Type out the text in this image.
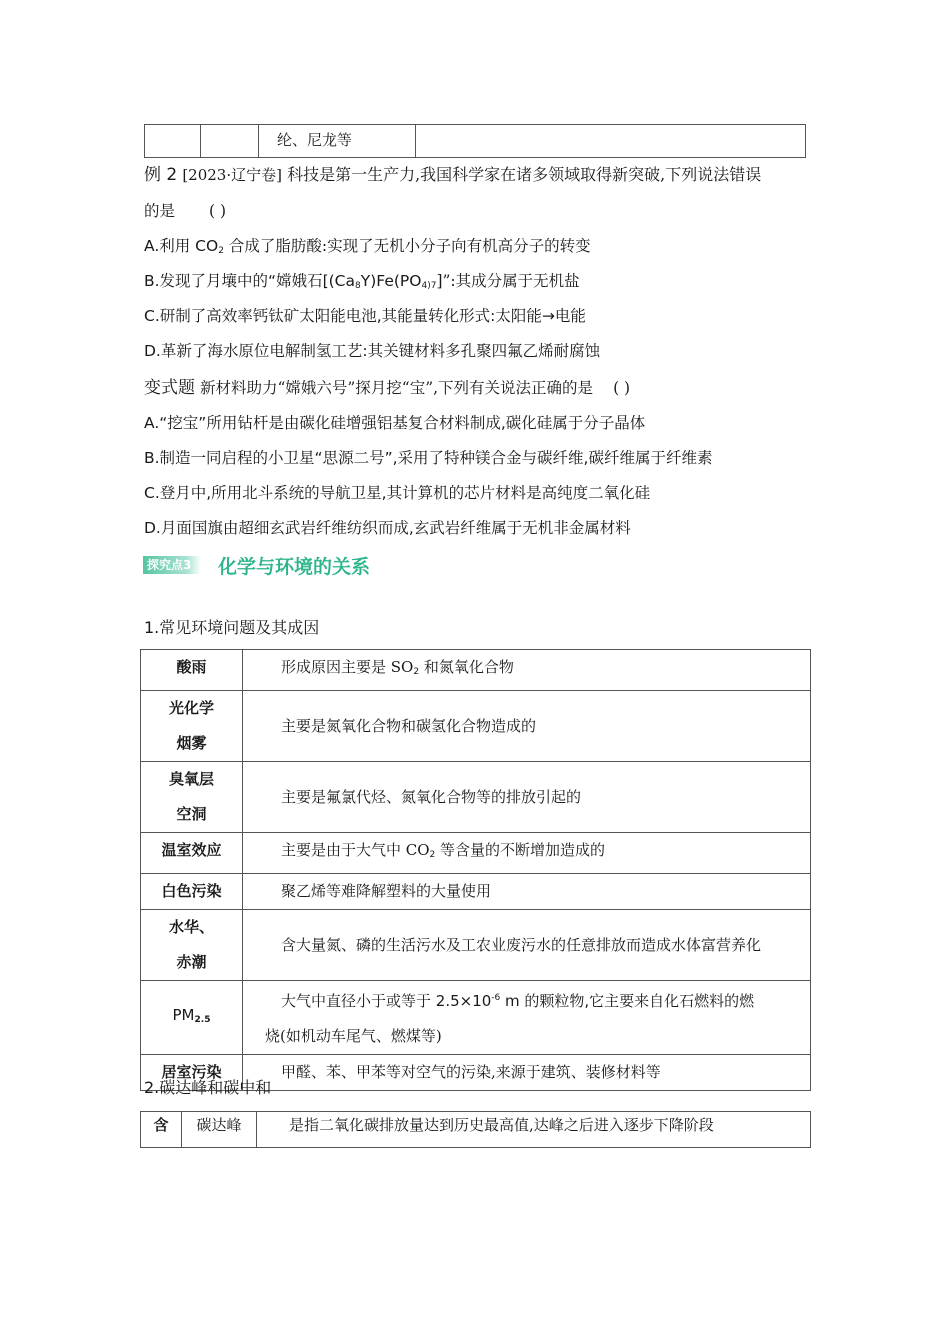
纶、尼龙等
例 2 [2023·辽宁卷] 科技是第一生产力,我国科学家在诸多领域取得新突破,下列说法错误
的是 ( )
A.利用 $CO_2$ 合成了脂肪酸:实现了无机小分子向有机高分子的转变
B.发现了月壤中的“嫦娥石[$(Ca_8Y)Fe(PO_{4)7}]$”:其成分属于无机盐
C.研制了高效率钙钛矿太阳能电池,其能量转化形式:太阳能→电能
D.革新了海水原位电解制氢工艺:其关键材料多孔聚四氟乙烯耐腐蚀
变式题 新材料助力“嫦娥六号”探月挖“宝”,下列有关说法正确的是 ( )
A.“挖宝”所用钻杆是由碳化硅增强铝基复合材料制成,碳化硅属于分子晶体
B.制造一同启程的小卫星“思源二号”,采用了特种镁合金与碳纤维,碳纤维属于纤维素
C.登月中,所用北斗系统的导航卫星,其计算机的芯片材料是高纯度二氧化硅
D.月面国旗由超细玄武岩纤维纺织而成,玄武岩纤维属于无机非金属材料
探究点3	化学与环境的关系
1.常见环境问题及其成因
酸雨	形成原因主要是 $SO_2$ 和氮氧化合物

光化学
烟雾	主要是氮氧化合物和碳氢化合物造成的

臭氧层
空洞	主要是氟氯代烃、氮氧化合物等的排放引起的
温室效应	主要是由于大气中 $CO_2$ 等含量的不断增加造成的
白色污染	聚乙烯等难降解塑料的大量使用

水华、
赤潮	含大量氮、磷的生活污水及工农业废污水的任意排放而造成水体富营养化
$PM_{2.5}$	大气中直径小于或等于 $2.5\times 10^{-6}$ m 的颗粒物,它主要来自化石燃料的燃
烧(如机动车尾气、燃煤等)

居室污染	甲醛、苯、甲苯等对空气的污染,来源于建筑、装修材料等
2.碳达峰和碳中和
含	碳达峰	是指二氧化碳排放量达到历史最高值,达峰之后进入逐步下降阶段
